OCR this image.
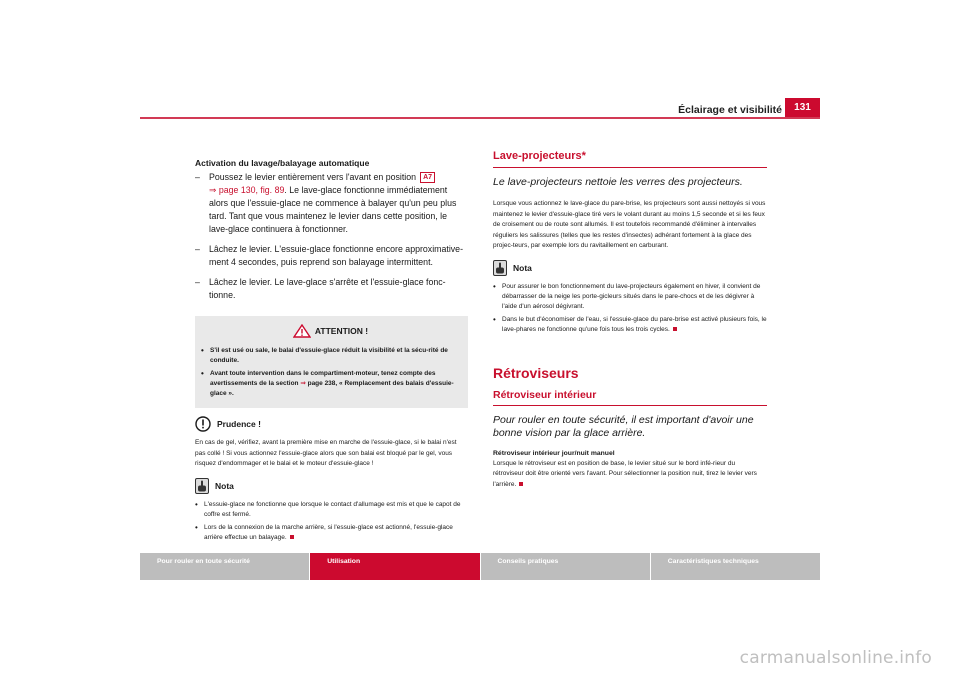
Éclairage et visibilité	131
Activation du lavage/balayage automatique
– Poussez le levier entièrement vers l'avant en position A7
⇒ page 130, fig. 89. Le lave-glace fonctionne immédiatement alors que l'essuie-glace ne commence à balayer qu'un peu plus tard. Tant que vous maintenez le levier dans cette position, le lave-glace continuera à fonctionner.
– Lâchez le levier. L'essuie-glace fonctionne encore approximative-ment 4 secondes, puis reprend son balayage intermittent.
– Lâchez le levier. Le lave-glace s'arrête et l'essuie-glace fonc-tionne.
ATTENTION !
• S'il est usé ou sale, le balai d'essuie-glace réduit la visibilité et la sécu-rité de conduite.
• Avant toute intervention dans le compartiment-moteur, tenez compte des avertissements de la section ⇒ page 238, « Remplacement des balais d'essuie-glace ».
Prudence !
En cas de gel, vérifiez, avant la première mise en marche de l'essuie-glace, si le balai n'est pas collé ! Si vous actionnez l'essuie-glace alors que son balai est bloqué par le gel, vous risquez d'endommager et le balai et le moteur d'essuie-glace !
Nota
• L'essuie-glace ne fonctionne que lorsque le contact d'allumage est mis et que le capot de coffre est fermé.
• Lors de la connexion de la marche arrière, si l'essuie-glace est actionné, l'essuie-glace arrière effectue un balayage.
Lave-projecteurs*
Le lave-projecteurs nettoie les verres des projecteurs.
Lorsque vous actionnez le lave-glace du pare-brise, les projecteurs sont aussi nettoyés si vous maintenez le levier d'essuie-glace tiré vers le volant durant au moins 1,5 seconde et si les feux de croisement ou de route sont allumés. Il est toutefois recommandé d'éliminer à intervalles réguliers les salissures (telles que les restes d'insectes) adhérant fortement à la glace des projec-teurs, par exemple lors du ravitaillement en carburant.
Nota
• Pour assurer le bon fonctionnement du lave-projecteurs également en hiver, il convient de débarrasser de la neige les porte-gicleurs situés dans le pare-chocs et de les dégivrer à l'aide d'un aérosol dégivrant.
• Dans le but d'économiser de l'eau, si l'essuie-glace du pare-brise est activé plusieurs fois, le lave-phares ne fonctionne qu'une fois tous les trois cycles.
Rétroviseurs
Rétroviseur intérieur
Pour rouler en toute sécurité, il est important d'avoir une bonne vision par la glace arrière.
Rétroviseur intérieur jour/nuit manuel
Lorsque le rétroviseur est en position de base, le levier situé sur le bord infé-rieur du rétroviseur doit être orienté vers l'avant. Pour sélectionner la position nuit, tirez le levier vers l'arrière.
Pour rouler en toute sécurité	Utilisation	Conseils pratiques	Caractéristiques techniques
carmanualsonline.info
